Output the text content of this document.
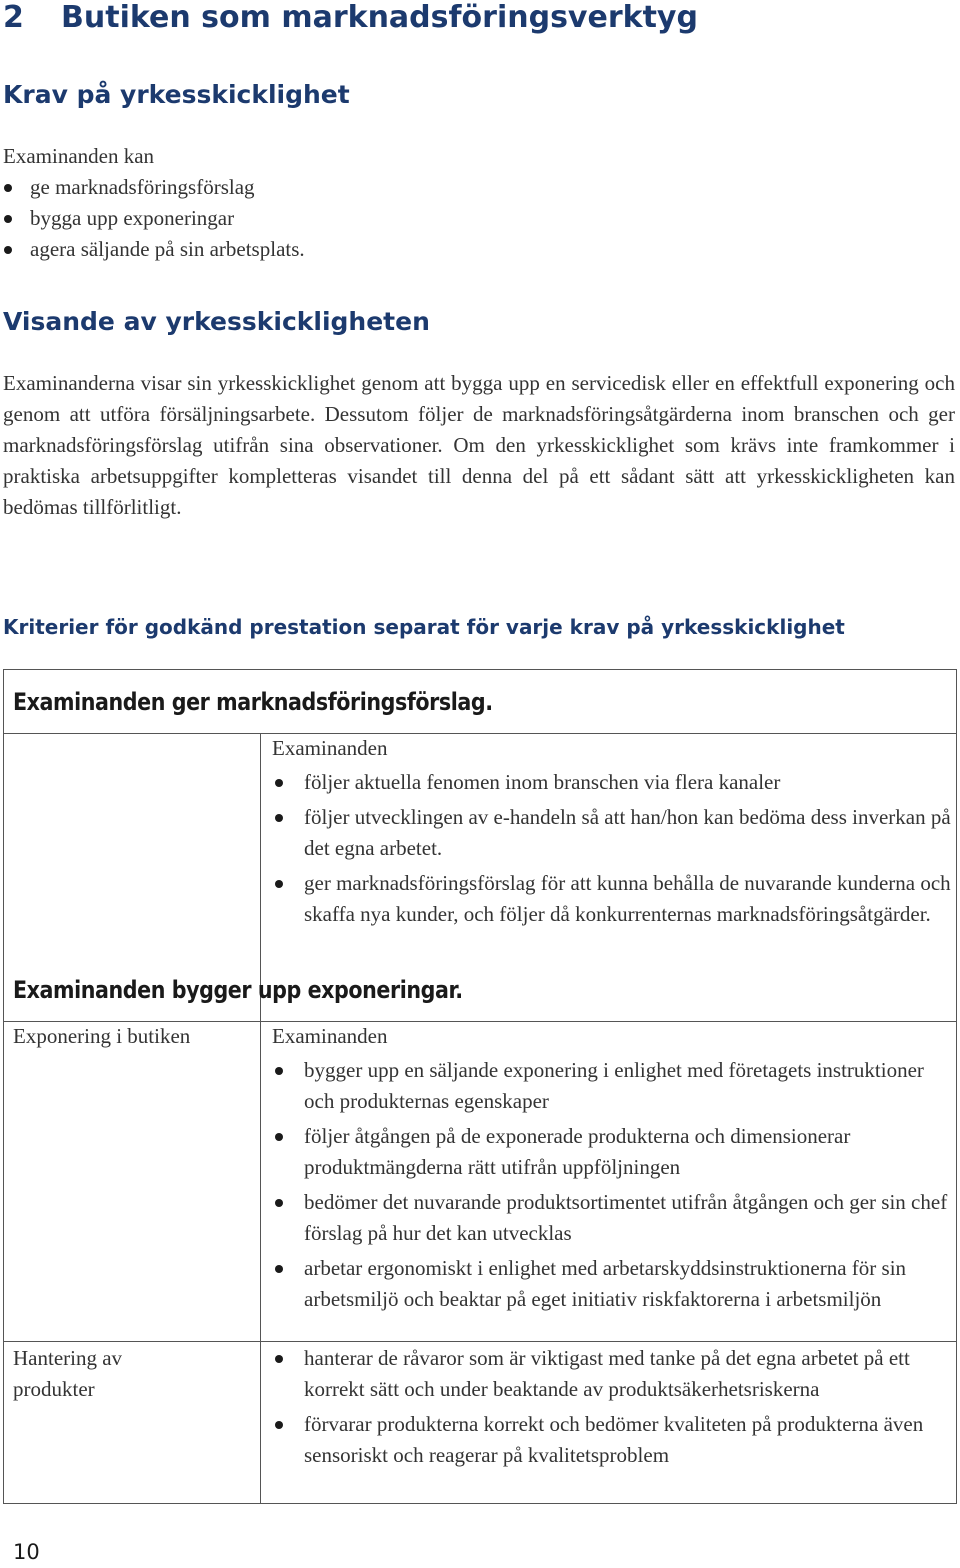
2 Butiken som marknadsföringsverktyg
Krav på yrkesskicklighet
Examinanden kan
ge marknadsföringsförslag
bygga upp exponeringar
agera säljande på sin arbetsplats.
Visande av yrkesskickligheten
Examinanderna visar sin yrkesskicklighet genom att bygga upp en servicedisk eller en effektfull exponering och genom att utföra försäljningsarbete. Dessutom följer de marknadsföringsåtgärderna inom branschen och ger marknadsföringsförslag utifrån sina observationer. Om den yrkesskicklighet som krävs inte framkommer i praktiska arbetsuppgifter kompletteras visandet till denna del på ett sådant sätt att yrkesskickligheten kan bedömas tillförlitligt.
Kriterier för godkänd prestation separat för varje krav på yrkesskicklighet
Examinanden ger marknadsföringsförslag.
Examinanden
följer aktuella fenomen inom branschen via flera kanaler
följer utvecklingen av e-handeln så att han/hon kan bedöma dess inverkan på det egna arbetet.
ger marknadsföringsförslag för att kunna behålla de nuvarande kunderna och skaffa nya kunder, och följer då konkurrenternas marknadsföringsåtgärder.
Examinanden bygger upp exponeringar.
Exponering i butiken	Examinanden
bygger upp en säljande exponering i enlighet med företagets instruktioner och produkternas egenskaper
följer åtgången på de exponerade produkterna och dimensionerar produktmängderna rätt utifrån uppföljningen
bedömer det nuvarande produktsortimentet utifrån åtgången och ger sin chef förslag på hur det kan utvecklas
arbetar ergonomiskt i enlighet med arbetarskyddsinstruktionerna för sin arbetsmiljö och beaktar på eget initiativ riskfaktorerna i arbetsmiljön
Hantering av produkter
hanterar de råvaror som är viktigast med tanke på det egna arbetet på ett korrekt sätt och under beaktande av produktsäkerhetsriskerna
förvarar produkterna korrekt och bedömer kvaliteten på produkterna även sensoriskt och reagerar på kvalitetsproblem
10
